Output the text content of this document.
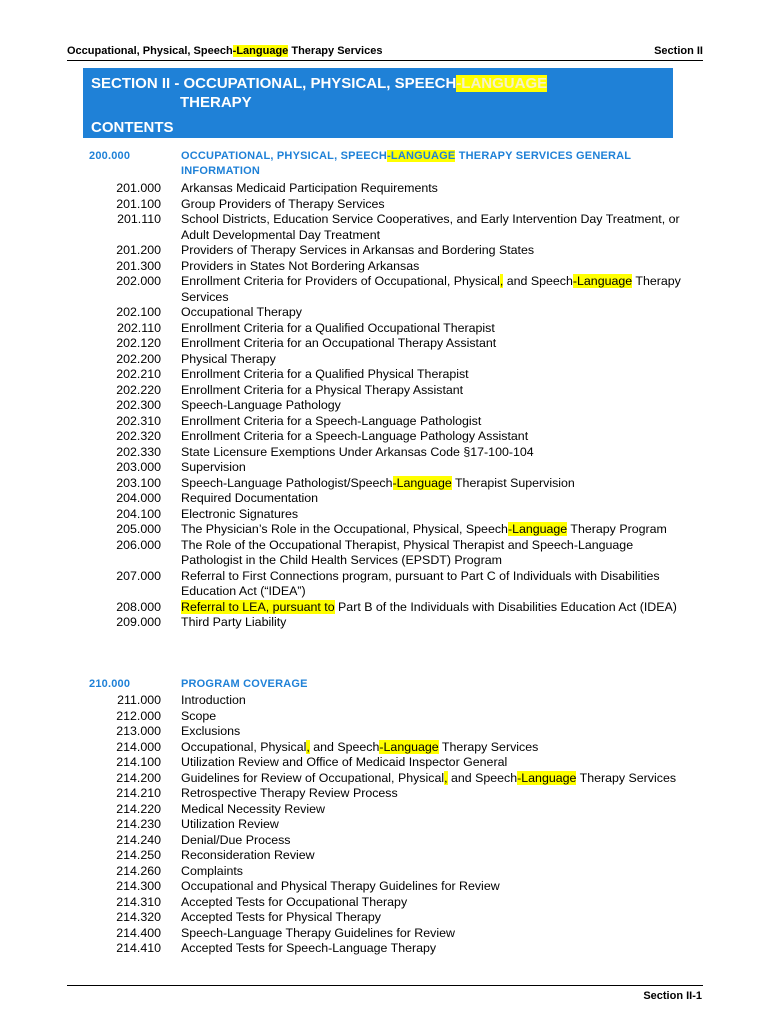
Occupational, Physical, Speech-Language Therapy Services	Section II
SECTION II - OCCUPATIONAL, PHYSICAL, SPEECH-LANGUAGE
THERAPY
CONTENTS
200.000	OCCUPATIONAL, PHYSICAL, SPEECH-LANGUAGE THERAPY SERVICES GENERAL INFORMATION
201.000 Arkansas Medicaid Participation Requirements
201.100 Group Providers of Therapy Services
201.110 School Districts, Education Service Cooperatives, and Early Intervention Day Treatment, or Adult Developmental Day Treatment
201.200 Providers of Therapy Services in Arkansas and Bordering States
201.300 Providers in States Not Bordering Arkansas
202.000 Enrollment Criteria for Providers of Occupational, Physical, and Speech-Language Therapy Services
202.100 Occupational Therapy
202.110 Enrollment Criteria for a Qualified Occupational Therapist
202.120 Enrollment Criteria for an Occupational Therapy Assistant
202.200 Physical Therapy
202.210 Enrollment Criteria for a Qualified Physical Therapist
202.220 Enrollment Criteria for a Physical Therapy Assistant
202.300 Speech-Language Pathology
202.310 Enrollment Criteria for a Speech-Language Pathologist
202.320 Enrollment Criteria for a Speech-Language Pathology Assistant
202.330 State Licensure Exemptions Under Arkansas Code §17-100-104
203.000 Supervision
203.100 Speech-Language Pathologist/Speech-Language Therapist Supervision
204.000 Required Documentation
204.100 Electronic Signatures
205.000 The Physician’s Role in the Occupational, Physical, Speech-Language Therapy Program
206.000 The Role of the Occupational Therapist, Physical Therapist and Speech-Language Pathologist in the Child Health Services (EPSDT) Program
207.000 Referral to First Connections program, pursuant to Part C of Individuals with Disabilities Education Act (“IDEA”)
208.000 Referral to LEA, pursuant to Part B of the Individuals with Disabilities Education Act (IDEA)
209.000 Third Party Liability
210.000	PROGRAM COVERAGE
211.000 Introduction
212.000 Scope
213.000 Exclusions
214.000 Occupational, Physical, and Speech-Language Therapy Services
214.100 Utilization Review and Office of Medicaid Inspector General
214.200 Guidelines for Review of Occupational, Physical, and Speech-Language Therapy Services
214.210 Retrospective Therapy Review Process
214.220 Medical Necessity Review
214.230 Utilization Review
214.240 Denial/Due Process
214.250 Reconsideration Review
214.260 Complaints
214.300 Occupational and Physical Therapy Guidelines for Review
214.310 Accepted Tests for Occupational Therapy
214.320 Accepted Tests for Physical Therapy
214.400 Speech-Language Therapy Guidelines for Review
214.410 Accepted Tests for Speech-Language Therapy
Section II-1
